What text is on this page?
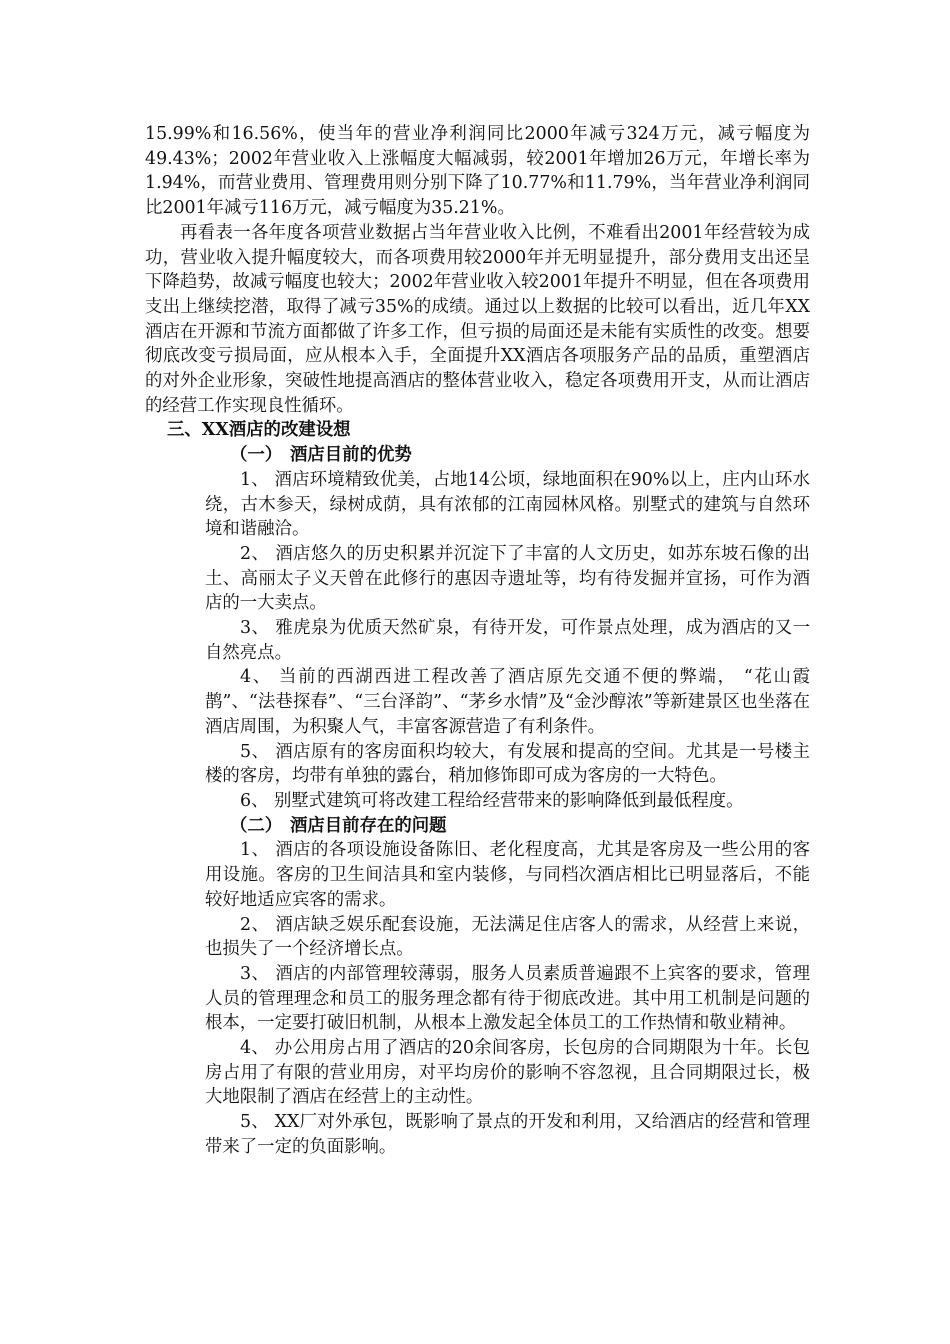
15.99%和16.56%，使当年的营业净利润同比2000年减亏324万元，减亏幅度为49.43%；2002年营业收入上涨幅度大幅减弱，较2001年增加26万元，年增长率为1.94%，而营业费用、管理费用则分别下降了10.77%和11.79%，当年营业净利润同比2001年减亏116万元，减亏幅度为35.21%。

再看表一各年度各项营业数据占当年营业收入比例，不难看出2001年经营较为成功，营业收入提升幅度较大，而各项费用较2000年并无明显提升，部分费用支出还呈下降趋势，故减亏幅度也较大；2002年营业收入较2001年提升不明显，但在各项费用支出上继续挖潜，取得了减亏35%的成绩。通过以上数据的比较可以看出，近几年XX酒店在开源和节流方面都做了许多工作，但亏损的局面还是未能有实质性的改变。想要彻底改变亏损局面，应从根本入手，全面提升XX酒店各项服务产品的品质，重塑酒店的对外企业形象，突破性地提高酒店的整体营业收入，稳定各项费用开支，从而让酒店的经营工作实现良性循环。

三、XX酒店的改建设想

（一） 酒店目前的优势

1、 酒店环境精致优美，占地14公顷，绿地面积在90%以上，庄内山环水绕，古木参天，绿树成荫，具有浓郁的江南园林风格。别墅式的建筑与自然环境和谐融洽。

2、 酒店悠久的历史积累并沉淀下了丰富的人文历史，如苏东坡石像的出土、高丽太子义天曾在此修行的惠因寺遗址等，均有待发掘并宣扬，可作为酒店的一大卖点。

3、 雅虎泉为优质天然矿泉，有待开发，可作景点处理，成为酒店的又一自然亮点。

4、 当前的西湖西进工程改善了酒店原先交通不便的弊端， “花山霞鹊”、“法巷探春”、“三台泽韵”、“茅乡水情”及“金沙醇浓”等新建景区也坐落在酒店周围，为积聚人气，丰富客源营造了有利条件。

5、 酒店原有的客房面积均较大，有发展和提高的空间。尤其是一号楼主楼的客房，均带有单独的露台，稍加修饰即可成为客房的一大特色。

6、 别墅式建筑可将改建工程给经营带来的影响降低到最低程度。

（二） 酒店目前存在的问题

1、 酒店的各项设施设备陈旧、老化程度高，尤其是客房及一些公用的客用设施。客房的卫生间洁具和室内装修，与同档次酒店相比已明显落后，不能较好地适应宾客的需求。

2、 酒店缺乏娱乐配套设施，无法满足住店客人的需求，从经营上来说，也损失了一个经济增长点。

3、 酒店的内部管理较薄弱，服务人员素质普遍跟不上宾客的要求，管理人员的管理理念和员工的服务理念都有待于彻底改进。其中用工机制是问题的根本，一定要打破旧机制，从根本上激发起全体员工的工作热情和敬业精神。

4、 办公用房占用了酒店的20余间客房，长包房的合同期限为十年。长包房占用了有限的营业用房，对平均房价的影响不容忽视，且合同期限过长，极大地限制了酒店在经营上的主动性。

5、 XX厂对外承包，既影响了景点的开发和利用，又给酒店的经营和管理带来了一定的负面影响。
